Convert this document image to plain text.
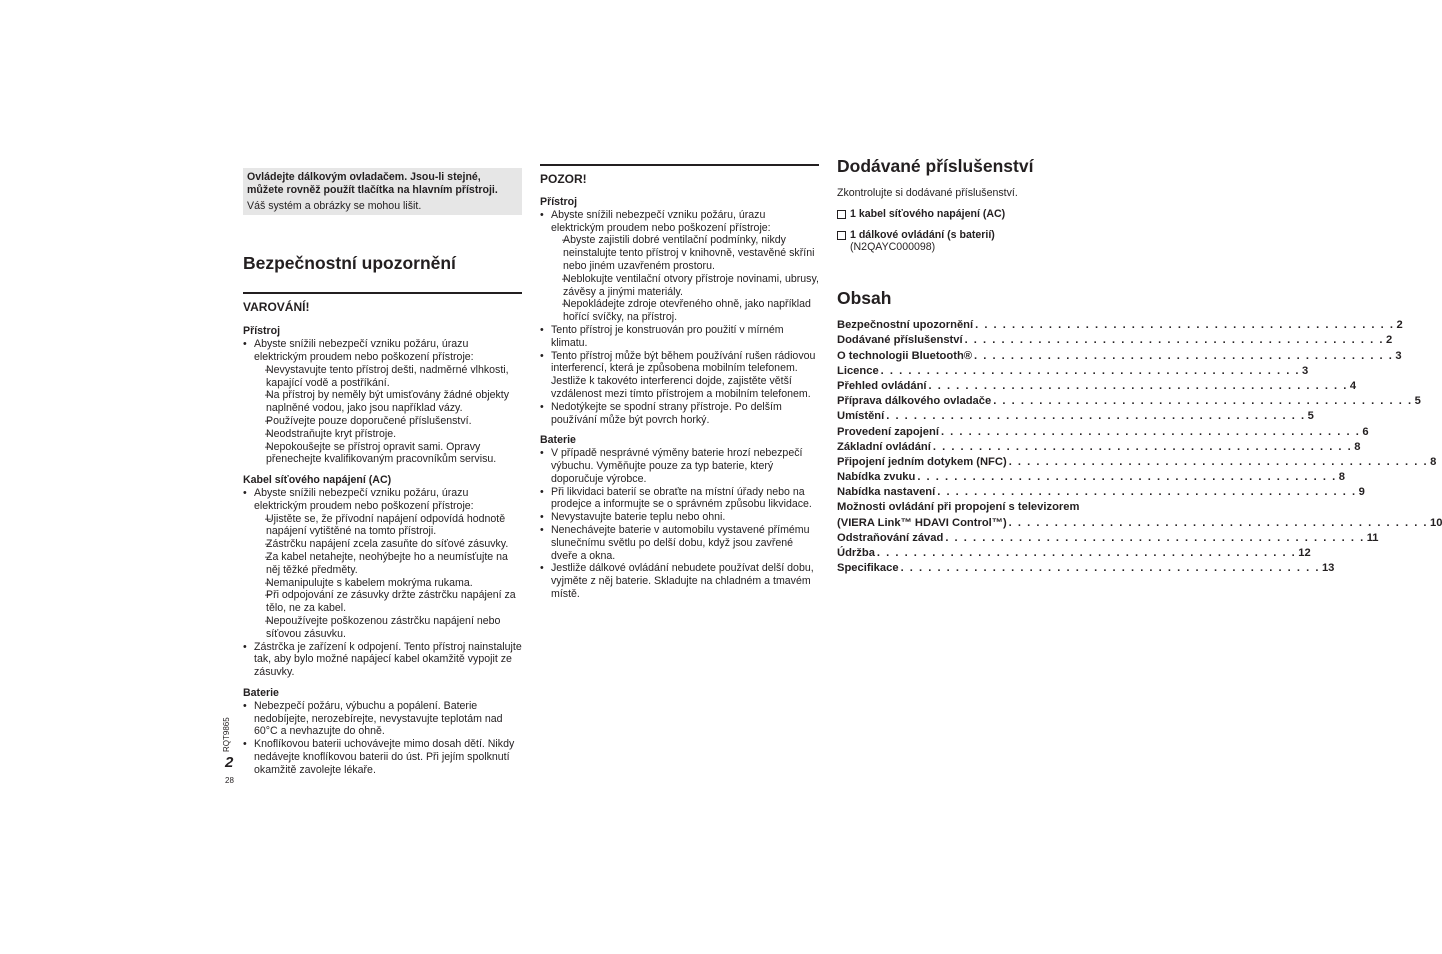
RQT9865
2
28
Ovládejte dálkovým ovladačem. Jsou-li stejné, můžete rovněž použít tlačítka na hlavním přístroji.
Váš systém a obrázky se mohou lišit.
Bezpečnostní upozornění
VAROVÁNÍ!
Přístroj
• Abyste snížili nebezpečí vzniku požáru, úrazu elektrickým proudem nebo poškození přístroje:
– Nevystavujte tento přístroj dešti, nadměrné vlhkosti, kapající vodě a postříkání.
– Na přístroj by neměly být umisťovány žádné objekty naplněné vodou, jako jsou například vázy.
– Používejte pouze doporučené příslušenství.
– Neodstraňujte kryt přístroje.
– Nepokoušejte se přístroj opravit sami. Opravy přenechejte kvalifikovaným pracovníkům servisu.
Kabel síťového napájení (AC)
• Abyste snížili nebezpečí vzniku požáru, úrazu elektrickým proudem nebo poškození přístroje:
– Ujistěte se, že přívodní napájení odpovídá hodnotě napájení vytištěné na tomto přístroji.
– Zástrčku napájení zcela zasuňte do síťové zásuvky.
– Za kabel netahejte, neohýbejte ho a neumísťujte na něj těžké předměty.
– Nemanipulujte s kabelem mokrýma rukama.
– Při odpojování ze zásuvky držte zástrčku napájení za tělo, ne za kabel.
– Nepoužívejte poškozenou zástrčku napájení nebo síťovou zásuvku.
• Zástrčka je zařízení k odpojení. Tento přístroj nainstalujte tak, aby bylo možné napájecí kabel okamžitě vypojit ze zásuvky.
Baterie
• Nebezpečí požáru, výbuchu a popálení. Baterie nedobíjejte, nerozebírejte, nevystavujte teplotám nad 60°C a nevhazujte do ohně.
• Knoflíkovou baterii uchovávejte mimo dosah dětí. Nikdy nedávejte knoflíkovou baterii do úst. Při jejím spolknutí okamžitě zavolejte lékaře.
POZOR!
Přístroj
• Abyste snížili nebezpečí vzniku požáru, úrazu elektrickým proudem nebo poškození přístroje:
– Abyste zajistili dobré ventilační podmínky, nikdy neinstalujte tento přístroj v knihovně, vestavěné skříni nebo jiném uzavřeném prostoru.
– Neblokujte ventilační otvory přístroje novinami, ubrusy, závěsy a jinými materiály.
– Nepokládejte zdroje otevřeného ohně, jako například hořící svíčky, na přístroj.
• Tento přístroj je konstruován pro použití v mírném klimatu.
• Tento přístroj může být během používání rušen rádiovou interferencí, která je způsobena mobilním telefonem. Jestliže k takovéto interferenci dojde, zajistěte větší vzdálenost mezi tímto přístrojem a mobilním telefonem.
• Nedotýkejte se spodní strany přístroje. Po delším používání může být povrch horký.
Baterie
• V případě nesprávné výměny baterie hrozí nebezpečí výbuchu. Vyměňujte pouze za typ baterie, který doporučuje výrobce.
• Při likvidaci baterií se obraťte na místní úřady nebo na prodejce a informujte se o správném způsobu likvidace.
• Nevystavujte baterie teplu nebo ohni.
• Nenechávejte baterie v automobilu vystavené přímému slunečnímu světlu po delší dobu, když jsou zavřené dveře a okna.
• Jestliže dálkové ovládání nebudete používat delší dobu, vyjměte z něj baterie. Skladujte na chladném a tmavém místě.
Dodávané příslušenství
Zkontrolujte si dodávané příslušenství.
1 kabel síťového napájení (AC)
1 dálkové ovládání (s baterií)
(N2QAYC000098)
Obsah
Bezpečnostní upozornění . . . . . . . . . . . . . . . . . . . . . . . . . . . . . . . . . . . . . . . . . . . . . . 2
Dodávané příslušenství . . . . . . . . . . . . . . . . . . . . . . . . . . . . . . . . . . . . . . . . . . . . . . 2
O technologii Bluetooth® . . . . . . . . . . . . . . . . . . . . . . . . . . . . . . . . . . . . . . . . . . . . . . 3
Licence . . . . . . . . . . . . . . . . . . . . . . . . . . . . . . . . . . . . . . . . . . . . . . 3
Přehled ovládání . . . . . . . . . . . . . . . . . . . . . . . . . . . . . . . . . . . . . . . . . . . . . . 4
Příprava dálkového ovladače . . . . . . . . . . . . . . . . . . . . . . . . . . . . . . . . . . . . . . . . . . . . . . 5
Umístění . . . . . . . . . . . . . . . . . . . . . . . . . . . . . . . . . . . . . . . . . . . . . . 5
Provedení zapojení . . . . . . . . . . . . . . . . . . . . . . . . . . . . . . . . . . . . . . . . . . . . . . 6
Základní ovládání . . . . . . . . . . . . . . . . . . . . . . . . . . . . . . . . . . . . . . . . . . . . . . 8
Připojení jedním dotykem (NFC) . . . . . . . . . . . . . . . . . . . . . . . . . . . . . . . . . . . . . . . . . . . . . . 8
Nabídka zvuku . . . . . . . . . . . . . . . . . . . . . . . . . . . . . . . . . . . . . . . . . . . . . . 8
Nabídka nastavení . . . . . . . . . . . . . . . . . . . . . . . . . . . . . . . . . . . . . . . . . . . . . . 9
Možnosti ovládání při propojení s televizorem
(VIERA Link™ HDAVI Control™) . . . . . . . . . . . . . . . . . . . . . . . . . . . . . . . . . . . . . . . . . . . . . . 10
Odstraňování závad . . . . . . . . . . . . . . . . . . . . . . . . . . . . . . . . . . . . . . . . . . . . . . 11
Údržba . . . . . . . . . . . . . . . . . . . . . . . . . . . . . . . . . . . . . . . . . . . . . . 12
Specifikace . . . . . . . . . . . . . . . . . . . . . . . . . . . . . . . . . . . . . . . . . . . . . . 13
